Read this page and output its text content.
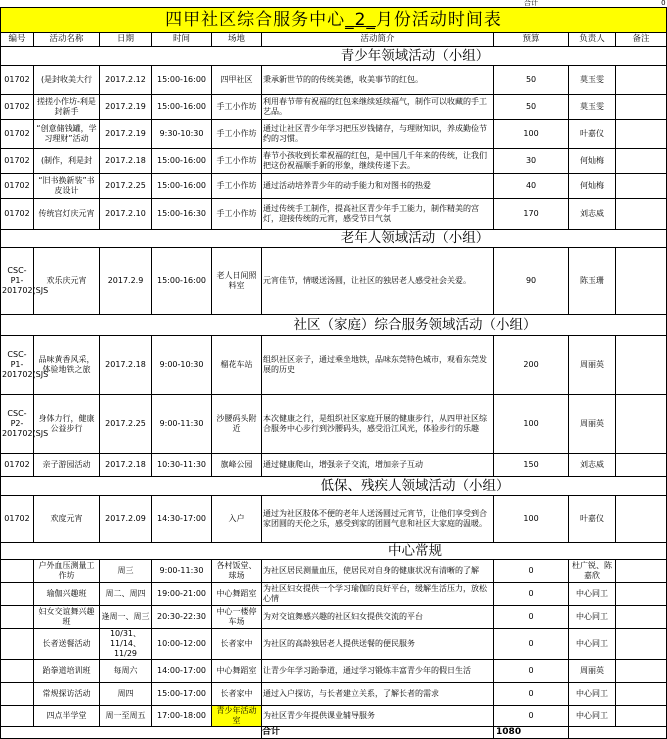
						合计	0	
四甲社区综合服务中心_2_月份活动时间表								
编号	活动名称	日期	时间	场地	活动简介	预算	负责人	备注
					青少年领域活动（小组）			
01702	(是封收美大行	2017.2.12	15:00-16:00	四甲社区	秉承新世节的的传统美德，收美事节的红包。	50	莫玉雯	
01702	搓搓小作坊-利是封新手	2017.2.19	15:00-16:00	手工小作坊	利用春节带有祝福的红包来继续延续福气，制作可以收藏的手工艺品。	50	莫玉雯	
01702	“创意储钱罐，学习理财”活动	2017.2.19	9:30-10:30	手工小作坊	通过让社区青少年学习把压岁钱储存，与理财知识，养成勤俭节约的习惯。	100	叶嘉仪	
01702	(制作，利是封	2017.2.18	15:00-16:00	手工小作坊	春节小孩收到长辈祝福的红包，是中国几千年来的传统，让我们把这份祝福顺手新的形象，继续传递下去。	30	何灿梅	
01702	“旧书换新装”书皮设计	2017.2.25	15:00-16:00	手工小作坊	通过活动培养青少年的动手能力和对图书的热爱	40	何灿梅	
01702	传统宫灯庆元宵	2017.2.10	15:00-16:30	手工小作坊	通过传统手工制作，提高社区青少年手工能力，制作精美的宫灯，迎接传统的元宵，感受节日气氛	170	刘志威	
					老年人领域活动（小组）			
CSC-P1-201702(SJS	欢乐庆元宵	2017.2.9	15:00-16:00	老人日间照料室	元宵佳节，情暖送汤圆，让社区的独居老人感受社会关爱。	90	陈玉珊	
					社区（家庭）综合服务领域活动（小组）			
CSC-P1-201702(SJS	品味黄香风采，体验地铁之旅	2017.2.18	9:00-10:30	榴花车站	组织社区亲子，通过乘坐地铁，品味东莞特色城市，观看东莞发展的历史	200	周丽英	
CSC-P2-201702(SJS	身体力行，健康公益步行	2017.2.25	9:00-11:30	沙腰码头附近	本次健康之行，是组织社区家庭开展的健康步行，从四甲社区综合服务中心步行到沙腰码头，感受沿江风光，体验步行的乐趣	100	周丽英	
01702	亲子游园活动	2017.2.18	10:30-11:30	旗峰公园	通过健康爬山，增强亲子交流，增加亲子互动	150	刘志威	
					低保、残疾人领域活动（小组）			
01702	欢度元宵	2017.2.09	14:30-17:00	入户	通过为社区肢体不便的老年人送汤圆过元宵节，让他们享受到合家团圆的天伦之乐，感受到家的团圆气息和社区大家庭的温暖。	100	叶嘉仪	
					中心常规			
	户外血压测量工作坊	周三	9:00-11:30	各村饭堂、球场	为社区居民测量血压，使居民对自身的健康状况有清晰的了解	0	杜广锐、陈嘉欣	
	瑜伽兴趣班	周二、周四	19:00-21:00	中心舞蹈室	为社区妇女提供一个学习瑜伽的良好平台，缓解生活压力，放松心情	0	中心同工	
	妇女交谊舞兴趣班	逢周一、周三	20:30-22:30	中心一楼停车场	为对交谊舞感兴趣的社区妇女提供交流的平台	0	中心同工	
	长者送餐活动	10/31、11/14、11/29	10:00-12:00	长者家中	为社区的高龄独居老人提供送餐的便民服务	0	中心同工	
	跆拳道培训班	每周六	14:00-17:00	中心舞蹈室	让青少年学习跆拳道，通过学习锻炼丰富青少年的假日生活	0	周丽英	
	常规探访活动	周四	15:00-17:00	长者家中	通过入户探访，与长者建立关系，了解长者的需求	0	中心同工	
	四点半学堂	周一至周五	17:00-18:00	青少年活动室	为社区青少年提供课业辅导服务	0	中心同工	
					合计	1080		
